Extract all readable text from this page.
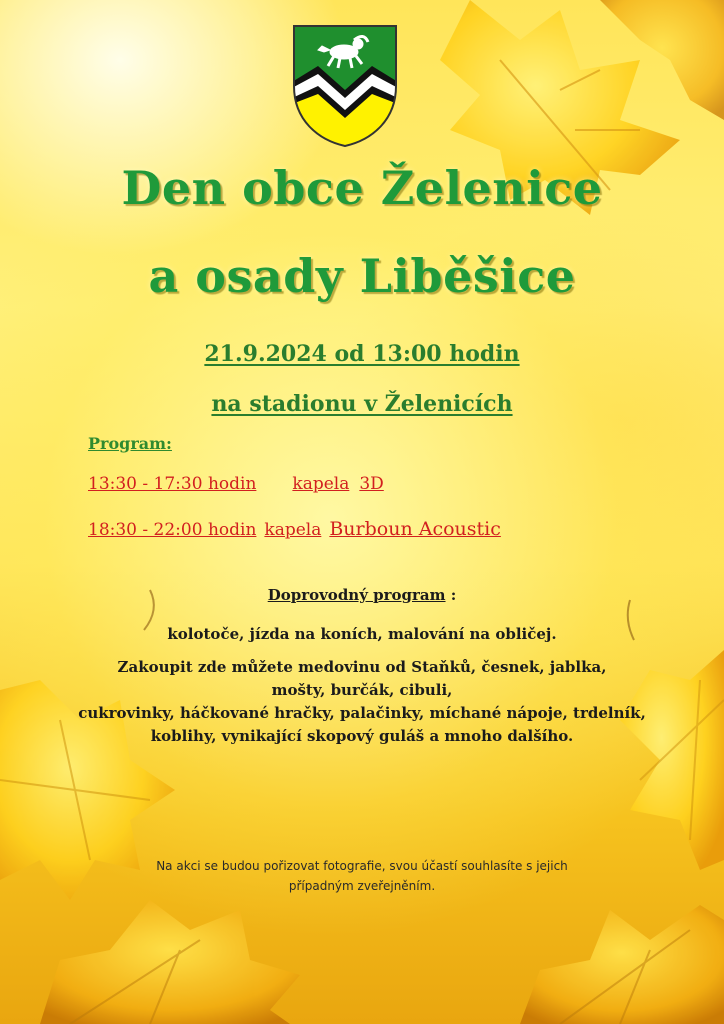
Den obce Želenice
a osady Liběšice
21.9.2024 od 13:00 hodin
na stadionu v Želenicích
Program:
13:30 - 17:30 hodin kapela 3D
18:30 - 22:00 hodin kapela Burboun Acoustic
Doprovodný program :
kolotoče, jízda na koních, malování na obličej.
Zakoupit zde můžete medovinu od Staňků, česnek, jablka, mošty, burčák, cibuli,
cukrovinky, háčkované hračky, palačinky, míchané nápoje, trdelník, koblihy, vynikající skopový guláš a mnoho dalšího.
Na akci se budou pořizovat fotografie, svou účastí souhlasíte s jejich
případným zveřejněním.
